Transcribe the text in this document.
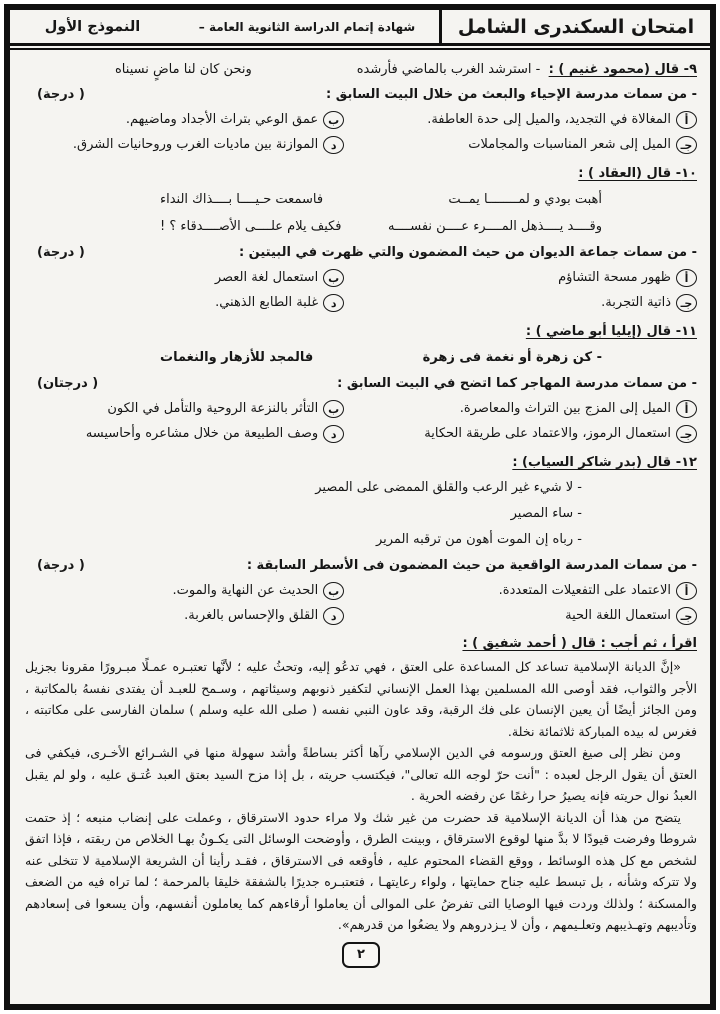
امتحان السكندرى الشامل
شهادة إتمام الدراسة الثانوية العامة –
النموذج الأول
٩- قال (محمود غنيم ) :  - استرشد الغرب بالماضي فأرشده
ونحن كان لنا ماضٍ نسيناه
- من سمات مدرسة الإحياء والبعث من خلال البيت السابق :
( درجة)
أ
المغالاة في التجديد، والميل إلى حدة العاطفة.
ب
عمق الوعي بتراث الأجداد وماضيهم.
جـ
الميل إلى شعر المناسبات والمجاملات
د
الموازنة بين ماديات الغرب وروحانيات الشرق.
١٠- قال (العقاد ) :
أهبت بودي و لمــــــــا يمــت
فاسمعت حـيــــا بــــذاك النداء
وقــــد يــــذهل المــــرء عــــن نفســــه
فكيف يلام علــــى الأصــــدقاء ؟ !
- من سمات جماعة الديوان من حيث المضمون والتي ظهرت في البيتين :
( درجة)
أ
ظهور مسحة التشاؤم
ب
استعمال لغة العصر
جـ
ذاتية التجربة.
د
غلبة الطابع الذهني.
١١- قال (إيليا أبو ماضي ) :
- كن زهرة أو نغمة فى زهرة
فالمجد للأزهار والنغمات
- من سمات مدرسة المهاجر كما اتضح في البيت السابق :
( درجتان)
أ
الميل إلى المزج بين التراث والمعاصرة.
ب
التأثر بالنزعة الروحية والتأمل في الكون
جـ
استعمال الرموز، والاعتماد على طريقة الحكاية
د
وصف الطبيعة من خلال مشاعره وأحاسيسه
١٢- قال (بدر شاكر السياب) :
- لا شيء غير الرعب والقلق الممضى على المصير
- ساء المصير
- رباه إن الموت أهون من ترقبه المرير
- من سمات المدرسة الواقعية من حيث المضمون فى الأسطر السابقة :
( درجة)
أ
الاعتماد على التفعيلات المتعددة.
ب
الحديث عن النهاية والموت.
جـ
استعمال اللغة الحية
د
القلق والإحساس بالغربة.
اقرأ ، ثم أجب : قال ( أحمد شفيق ) :

«إنَّ الديانة الإسلامية تساعد كل المساعدة على العتق ، فهي تدعُو إليه، وتحثُ عليه ؛ لأنَّها تعتبـره عمـلًا مبـرورًا مقرونا بجزيل الأجر والثواب، فقد أوصى الله المسلمين بهذا العمل الإنساني لتكفير ذنوبهم وسيئاتهم ، وسـمح للعبـد أن يفتدى نفسهُ بالمكاتبة ، ومن الجائز أيضًا أن يعين الإنسان على فك الرقبة، وقد عاون النبي نفسه ( صلى الله عليه وسلم ) سلمان الفارسى على مكاتبته ، فغرس له بيده المباركة ثلاثمائة نخلة.

ومن نظر إلى صيغ العتق ورسومه في الدين الإسلامي رآها أكثر بساطةً وأشد سهولة منها في الشـرائع الأخـرى، فيكفي فى العتق أن يقول الرجل لعبده : "أنت حرّ لوجه الله تعالى"، فيكتسب حريته ، بل إذا مزح السيد بعتق العبد عُتـق عليه ، ولو لم يقبل العبدُ نوال حريته فإنه يصيرُ حرا رغمًا عن رفضه الحرية .

يتضح من هذا أن الديانة الإسلامية قد حضرت من غير شك ولا مراء حدود الاسترقاق ، وعملت على إنضاب منبعه ؛ إذ حتمت شروطا وفرضت قيودًا لا بدَّ منها لوقوع الاسترقاق ، وبينت الطرق ، وأوضحت الوسائل التى يكـونُ بهـا الخلاص من ربقته ، فإذا اتفق لشخص مع كل هذه الوسائط ، ووقع القضاء المحتوم عليه ، فأوقعه فى الاسترقاق ، فقـد رأينا أن الشريعة الإسلامية لا تتخلى عنه ولا تتركه وشأنه ، بل تبسط عليه جناح حمايتها ، ولواء رعايتهـا ، فتعتبـره جديرًا بالشفقة خليقا بالمرحمة ؛ لما تراه فيه من الضعف والمسكنة ؛ ولذلك وردت فيها الوصايا التى تفرضُ على الموالى أن يعاملوا أرقاءهم كما يعاملون أنفسهم، وأن يسعوا فى إسعادهم وتأديبهم وتهـذيبهم وتعلـيمهم ، وأن لا يـزدروهم ولا يضعُوا من قدرهم».

٢
